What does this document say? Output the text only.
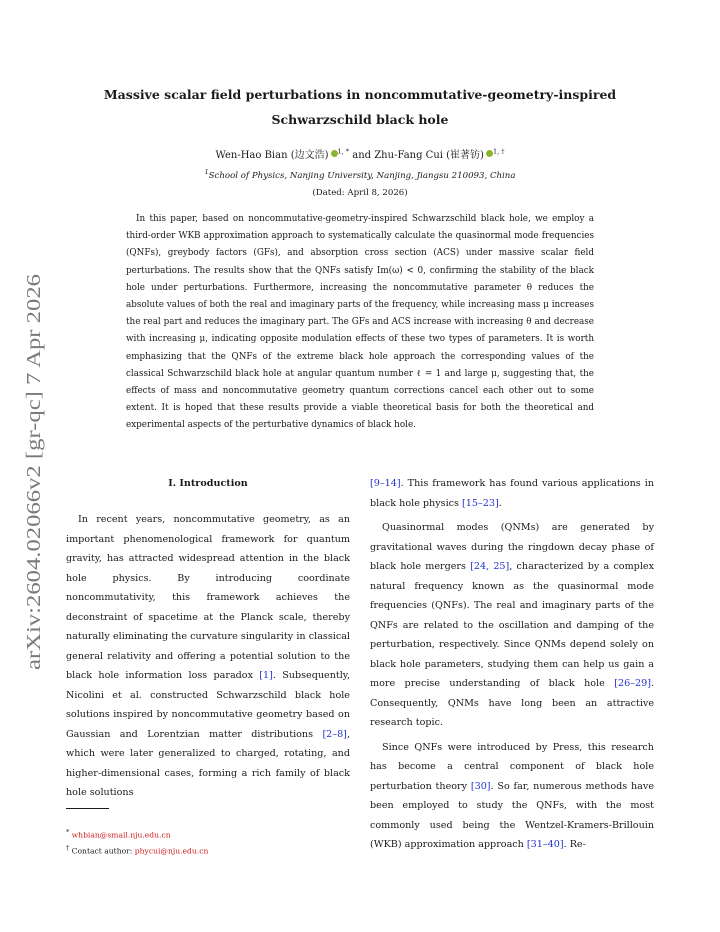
arXiv:2604.02066v2 [gr-qc] 7 Apr 2026
Massive scalar field perturbations in noncommutative-geometry-inspired Schwarzschild black hole
Wen-Hao Bian (边文浩) $^{1, *}$ and Zhu-Fang Cui (崔著钫) $^{1, \dagger}$
$^1$School of Physics, Nanjing University, Nanjing, Jiangsu 210093, China
(Dated: April 8, 2026)

In this paper, based on noncommutative-geometry-inspired Schwarzschild black hole, we employ a third-order WKB approximation approach to systematically calculate the quasinormal mode frequencies (QNFs), greybody factors (GFs), and absorption cross section (ACS) under massive scalar field perturbations. The results show that the QNFs satisfy Im(ω) < 0, confirming the stability of the black hole under perturbations. Furthermore, increasing the noncommutative parameter θ reduces the absolute values of both the real and imaginary parts of the frequency, while increasing mass μ increases the real part and reduces the imaginary part. The GFs and ACS increase with increasing θ and decrease with increasing μ, indicating opposite modulation effects of these two types of parameters. It is worth emphasizing that the QNFs of the extreme black hole approach the corresponding values of the classical Schwarzschild black hole at angular quantum number ℓ = 1 and large μ, suggesting that, the effects of mass and noncommutative geometry quantum corrections cancel each other out to some extent. It is hoped that these results provide a viable theoretical basis for both the theoretical and experimental aspects of the perturbative dynamics of black hole.

I. Introduction

In recent years, noncommutative geometry, as an important phenomenological framework for quantum gravity, has attracted widespread attention in the black hole physics. By introducing coordinate noncommutativity, this framework achieves the deconstraint of spacetime at the Planck scale, thereby naturally eliminating the curvature singularity in classical general relativity and offering a potential solution to the black hole information loss paradox [1]. Subsequently, Nicolini et al. constructed Schwarzschild black hole solutions inspired by noncommutative geometry based on Gaussian and Lorentzian matter distributions [2–8], which were later generalized to charged, rotating, and higher-dimensional cases, forming a rich family of black hole solutions

[9–14]. This framework has found various applications in black hole physics [15–23].

Quasinormal modes (QNMs) are generated by gravitational waves during the ringdown decay phase of black hole mergers [24, 25], characterized by a complex natural frequency known as the quasinormal mode frequencies (QNFs). The real and imaginary parts of the QNFs are related to the oscillation and damping of the perturbation, respectively. Since QNMs depend solely on black hole parameters, studying them can help us gain a more precise understanding of black hole [26–29]. Consequently, QNMs have long been an attractive research topic.

Since QNFs were introduced by Press, this research has become a central component of black hole perturbation theory [30]. So far, numerous methods have been employed to study the QNFs, with the most commonly used being the Wentzel-Kramers-Brillouin (WKB) approximation approach [31–40]. Re-

* whbian@smail.nju.edu.cn
† Contact author: phycui@nju.edu.cn
